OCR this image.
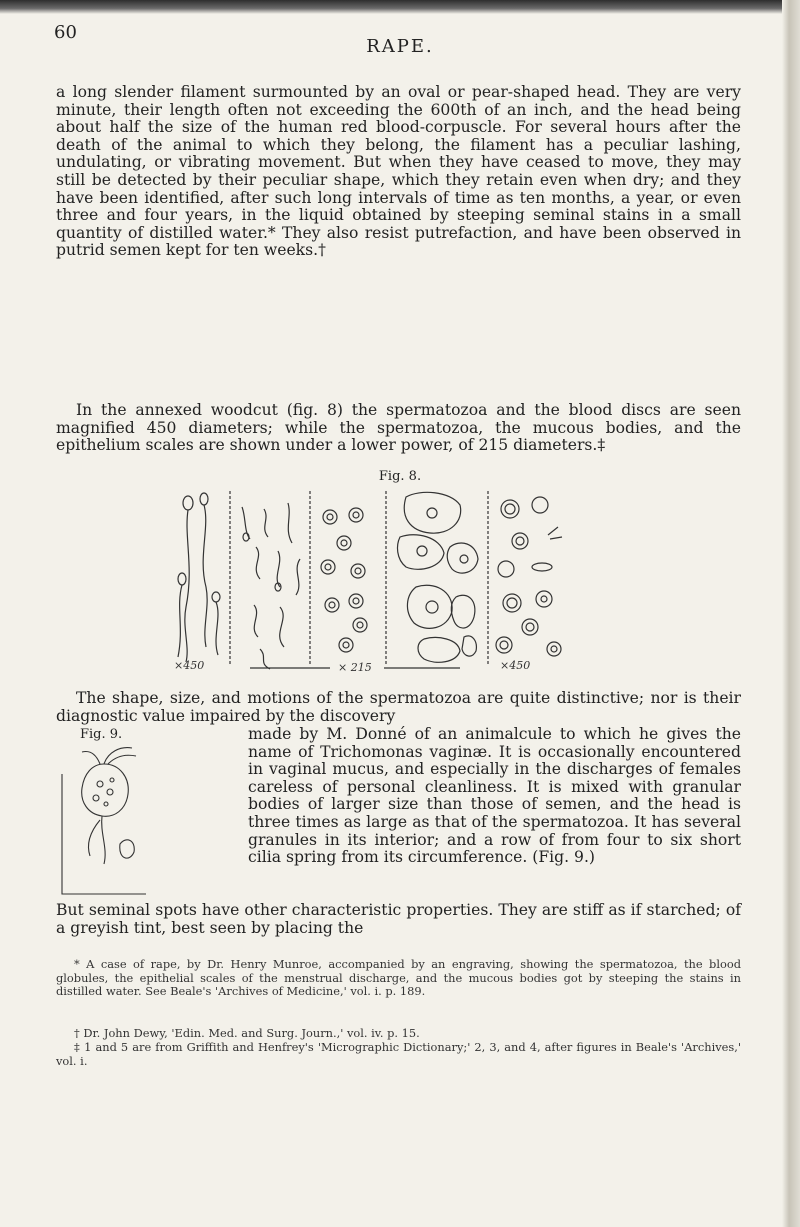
60
RAPE.

a long slender filament surmounted by an oval or pear-shaped head. They are very minute, their length often not exceeding the 600th of an inch, and the head being about half the size of the human red blood-corpuscle. For several hours after the death of the animal to which they belong, the filament has a peculiar lashing, undulating, or vibrating movement. But when they have ceased to move, they may still be detected by their peculiar shape, which they retain even when dry; and they have been identified, after such long intervals of time as ten months, a year, or even three and four years, in the liquid obtained by steeping seminal stains in a small quantity of distilled water.* They also resist putrefaction, and have been observed in putrid semen kept for ten weeks.†

In the annexed woodcut (fig. 8) the spermatozoa and the blood discs are seen magnified 450 diameters; while the spermatozoa, the mucous bodies, and the epithelium scales are shown under a lower power, of 215 diameters.‡

Fig. 8.
×450	× 215	×450

The shape, size, and motions of the spermatozoa are quite distinctive; nor is their diagnostic value impaired by the discovery

Fig. 9.	made by M. Donné of an animalcule to which he gives the name of Trichomonas vaginæ. It is occasionally encountered in vaginal mucus, and especially in the discharges of females careless of personal cleanliness. It is mixed with granular bodies of larger size than those of semen, and the head is three times as large as that of the spermatozoa. It has several granules in its interior; and a row of from four to six short cilia spring from its circumference. (Fig. 9.)

But seminal spots have other characteristic properties. They are stiff as if starched; of a greyish tint, best seen by placing the

* A case of rape, by Dr. Henry Munroe, accompanied by an engraving, showing the spermatozoa, the blood globules, the epithelial scales of the menstrual discharge, and the mucous bodies got by steeping the stains in distilled water. See Beale's 'Archives of Medicine,' vol. i. p. 189.

† Dr. John Dewy, 'Edin. Med. and Surg. Journ.,' vol. iv. p. 15.

‡ 1 and 5 are from Griffith and Henfrey's 'Micrographic Dictionary;' 2, 3, and 4, after figures in Beale's 'Archives,' vol. i.
